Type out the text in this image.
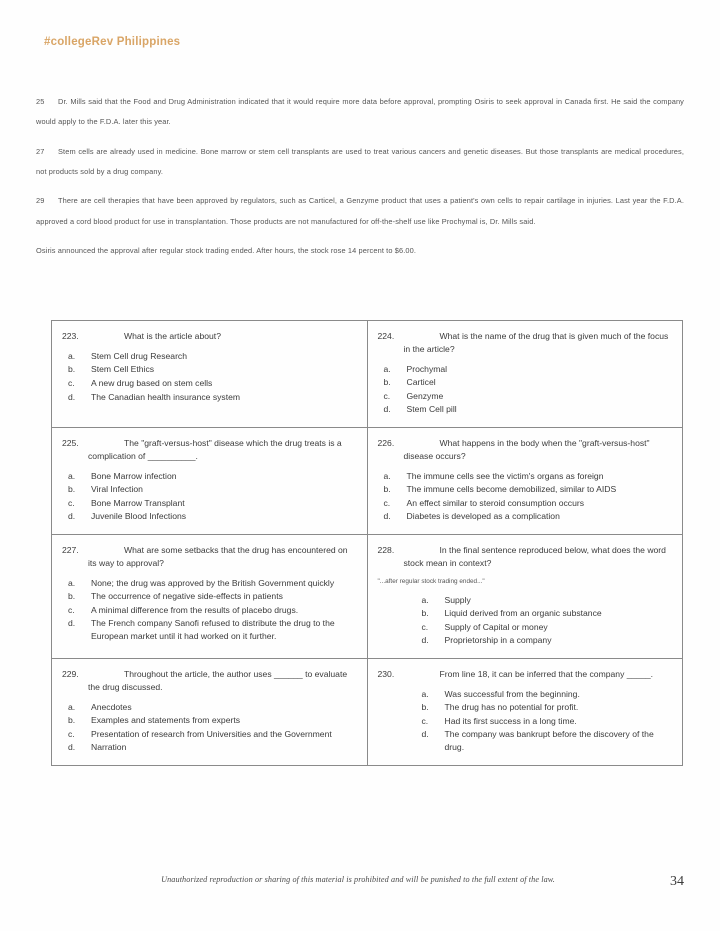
#collegeRev Philippines

25 Dr. Mills said that the Food and Drug Administration indicated that it would require more data before approval, prompting Osiris to seek approval in Canada first. He said the company would apply to the F.D.A. later this year.

27 Stem cells are already used in medicine. Bone marrow or stem cell transplants are used to treat various cancers and genetic diseases. But those transplants are medical procedures, not products sold by a drug company.

29 There are cell therapies that have been approved by regulators, such as Carticel, a Genzyme product that uses a patient's own cells to repair cartilage in injuries. Last year the F.D.A. approved a cord blood product for use in transplantation. Those products are not manufactured for off-the-shelf use like Prochymal is, Dr. Mills said.

Osiris announced the approval after regular stock trading ended. After hours, the stock rose 14 percent to $6.00.

223.	What is the article about?

a. Stem Cell drug Research
b. Stem Cell Ethics
c. A new drug based on stem cells
d. The Canadian health insurance system

224.	What is the name of the drug that is given much of the focus in the article?

a. Prochymal
b. Carticel
c. Genzyme
d. Stem Cell pill

225.	The "graft-versus-host" disease which the drug treats is a complication of __________.

a. Bone Marrow infection
b. Viral Infection
c. Bone Marrow Transplant
d. Juvenile Blood Infections

226.	What happens in the body when the "graft-versus-host" disease occurs?

a. The immune cells see the victim's organs as foreign
b. The immune cells become demobilized, similar to AIDS
c. An effect similar to steroid consumption occurs
d. Diabetes is developed as a complication

227.	What are some setbacks that the drug has encountered on its way to approval?

a. None; the drug was approved by the British Government quickly
b. The occurrence of negative side-effects in patients
c. A minimal difference from the results of placebo drugs.
d. The French company Sanofi refused to distribute the drug to the European market until it had worked on it further.

228.	In the final sentence reproduced below, what does the word stock mean in context?

"...after regular stock trading ended..."

a. Supply
b. Liquid derived from an organic substance
c. Supply of Capital or money
d. Proprietorship in a company

229.	Throughout the article, the author uses ______ to evaluate the drug discussed.

a. Anecdotes
b. Examples and statements from experts
c. Presentation of research from Universities and the Government
d. Narration

230.	From line 18, it can be inferred that the company _____.

a. Was successful from the beginning.
b. The drug has no potential for profit.
c. Had its first success in a long time.
d. The company was bankrupt before the discovery of the drug.
Unauthorized reproduction or sharing of this material is prohibited and will be punished to the full extent of the law.	34
